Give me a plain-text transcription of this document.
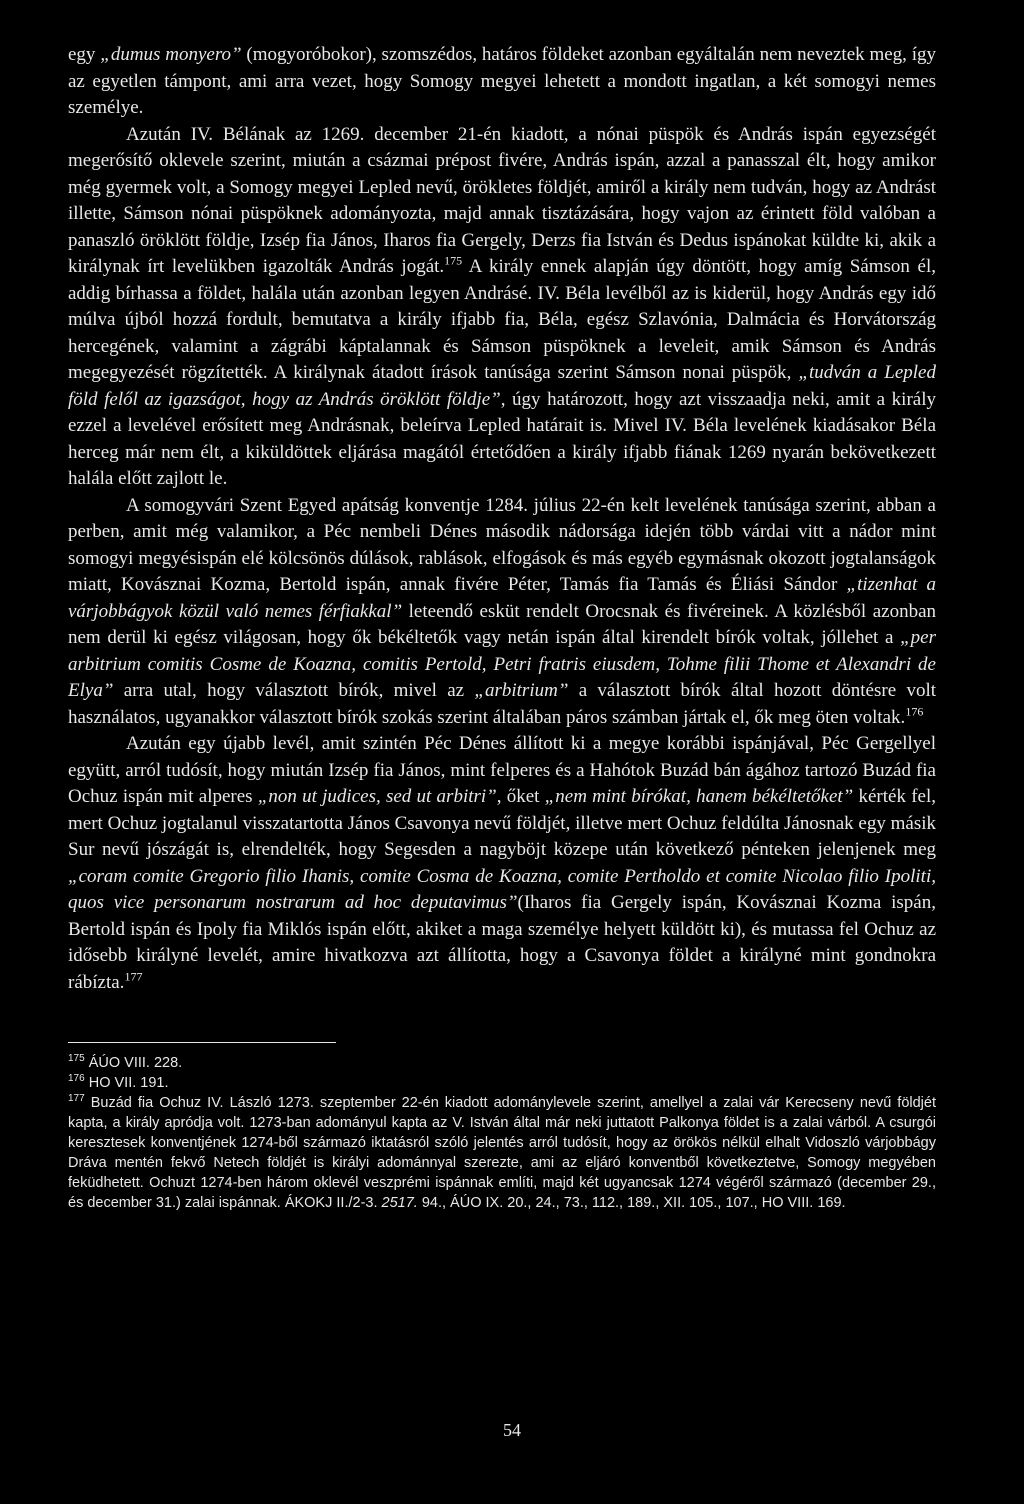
egy „dumus monyero” (mogyoróbokor), szomszédos, határos földeket azonban egyáltalán nem neveztek meg, így az egyetlen támpont, ami arra vezet, hogy Somogy megyei lehetett a mondott ingatlan, a két somogyi nemes személye.

Azután IV. Bélának az 1269. december 21-én kiadott, a nónai püspök és András ispán egyezségét megerősítő oklevele szerint, miután a csázmai prépost fivére, András ispán, azzal a panasszal élt, hogy amikor még gyermek volt, a Somogy megyei Lepled nevű, örökletes földjét, amiről a király nem tudván, hogy az Andrást illette, Sámson nónai püspöknek adományozta, majd annak tisztázására, hogy vajon az érintett föld valóban a panaszló öröklött földje, Izsép fia János, Iharos fia Gergely, Derzs fia István és Dedus ispánokat küldte ki, akik a királynak írt levelükben igazolták András jogát.$^{175}$ A király ennek alapján úgy döntött, hogy amíg Sámson él, addig bírhassa a földet, halála után azonban legyen Andrásé. IV. Béla levélből az is kiderül, hogy András egy idő múlva újból hozzá fordult, bemutatva a király ifjabb fia, Béla, egész Szlavónia, Dalmácia és Horvátország hercegének, valamint a zágrábi káptalannak és Sámson püspöknek a leveleit, amik Sámson és András megegyezését rögzítették. A királynak átadott írások tanúsága szerint Sámson nonai püspök, „tudván a Lepled föld felől az igazságot, hogy az András öröklött földje”, úgy határozott, hogy azt visszaadja neki, amit a király ezzel a levelével erősített meg Andrásnak, beleírva Lepled határait is. Mivel IV. Béla levelének kiadásakor Béla herceg már nem élt, a kiküldöttek eljárása magától értetődően a király ifjabb fiának 1269 nyarán bekövetkezett halála előtt zajlott le.

A somogyvári Szent Egyed apátság konventje 1284. július 22-én kelt levelének tanúsága szerint, abban a perben, amit még valamikor, a Péc nembeli Dénes második nádorsága idején több várdai vitt a nádor mint somogyi megyésispán elé kölcsönös dúlások, rablások, elfogások és más egyéb egymásnak okozott jogtalanságok miatt, Kovásznai Kozma, Bertold ispán, annak fivére Péter, Tamás fia Tamás és Éliási Sándor „tizenhat a várjobbágyok közül való nemes férfiakkal” leteendő esküt rendelt Orocsnak és fivéreinek. A közlésből azonban nem derül ki egész világosan, hogy ők békéltetők vagy netán ispán által kirendelt bírók voltak, jóllehet a „per arbitrium comitis Cosme de Koazna, comitis Pertold, Petri fratris eiusdem, Tohme filii Thome et Alexandri de Elya” arra utal, hogy választott bírók, mivel az „arbitrium” a választott bírók által hozott döntésre volt használatos, ugyanakkor választott bírók szokás szerint általában páros számban jártak el, ők meg öten voltak.$^{176}$

Azután egy újabb levél, amit szintén Péc Dénes állított ki a megye korábbi ispánjával, Péc Gergellyel együtt, arról tudósít, hogy miután Izsép fia János, mint felperes és a Hahótok Buzád bán ágához tartozó Buzád fia Ochuz ispán mit alperes „non ut judices, sed ut arbitri”, őket „nem mint bírókat, hanem békéltetőket” kérték fel, mert Ochuz jogtalanul visszatartotta János Csavonya nevű földjét, illetve mert Ochuz feldúlta Jánosnak egy másik Sur nevű jószágát is, elrendelték, hogy Segesden a nagyböjt közepe után következő pénteken jelenjenek meg „coram comite Gregorio filio Ihanis, comite Cosma de Koazna, comite Pertholdo et comite Nicolao filio Ipoliti, quos vice personarum nostrarum ad hoc deputavimus”(Iharos fia Gergely ispán, Kovásznai Kozma ispán, Bertold ispán és Ipoly fia Miklós ispán előtt, akiket a maga személye helyett küldött ki), és mutassa fel Ochuz az idősebb királyné levelét, amire hivatkozva azt állította, hogy a Csavonya földet a királyné mint gondnokra rábízta.$^{177}$

$^{175}$ ÁÚO VIII. 228.

$^{176}$ HO VII. 191.

$^{177}$ Buzád fia Ochuz IV. László 1273. szeptember 22-én kiadott adománylevele szerint, amellyel a zalai vár Kerecseny nevű földjét kapta, a király apródja volt. 1273-ban adományul kapta az V. István által már neki juttatott Palkonya földet is a zalai várból. A csurgói keresztesek konventjének 1274-ből származó iktatásról szóló jelentés arról tudósít, hogy az örökös nélkül elhalt Vidoszló várjobbágy Dráva mentén fekvő Netech földjét is királyi adománnyal szerezte, ami az eljáró konventből következtetve, Somogy megyében feküdhetett. Ochuzt 1274-ben három oklevél veszprémi ispánnak említi, majd két ugyancsak 1274 végéről származó (december 29., és december 31.) zalai ispánnak. ÁKOKJ II./2-3. 2517. 94., ÁÚO IX. 20., 24., 73., 112., 189., XII. 105., 107., HO VIII. 169.

54
